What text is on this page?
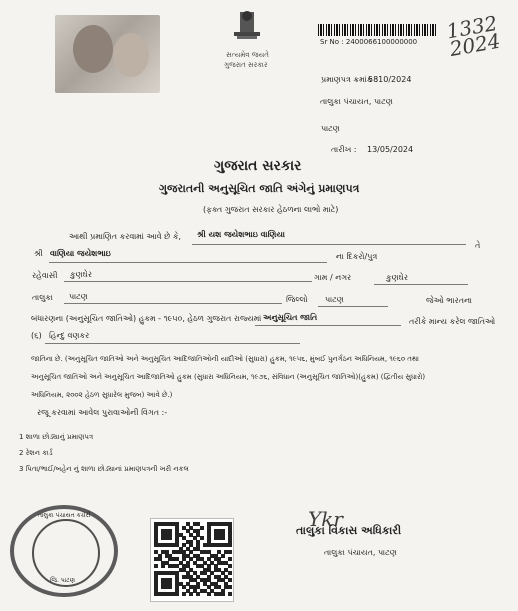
સત્યમેવ જયતે
ગુજરાત સરકાર
Sr No : 2400066100000000 1332
2024
પ્રમાણપત્ર ક્રમાંક :
5810/2024
તાલુકા પંચાયત, પાટણ
પાટણ
તારીખ : 13/05/2024
ગુજરાત સરકાર
ગુજરાતની અનુસૂચિત જાતિ અંગેનું પ્રમાણપત્ર
(ફક્ત ગુજરાત સરકાર હેઠળના લાભો માટે)
આથી પ્રમાણિત કરવામાં આવે છે કે, શ્રી યશ જયેશભાઇ વાણિયા
તે
શ્રી વાણિયા જયેશભાઇ	ના દિકરો/પુત્ર
રહેવાસી કુણઘેર	ગામ / નગર	કુણઘેર
તાલુકા પાટણ	જિલ્લો પાટણ	જેઓ ભારતના
બંધારણના (અનુસૂચિત જાતિઓ) હુકમ - ૧૯૫૦, હેઠળ ગુજરાત રાજ્યમાં અનુસૂચિત જાતિ	તરીકે માન્ય કરેલ જાતિઓ
(૬) હિન્દુ વણકર
જાતિના છે. (અનુસૂચિત જાતિઓ અને અનુસૂચિત આદિજાતિઓની યાદીઓ (સુધારા) હુકમ, ૧૯૫૬, મુંબઈ પુનર્ગઠન અધિનિયમ, ૧૯૬૦ તથા
અનુસૂચિત જાતિઓ અને અનુસૂચિત આદિજાતિઓ હુકમ (સુધારા અધિનિયમ, ૧૯૭૬, સંવિધાન (અનુસૂચિત જાતિઓ)(હુકમ) (દ્વિતીય સુધારો)
અધિનિયમ, ૨૦૦૨ હેઠળ સુધારેલ મુજબ) આવે છે.)
રજૂ કરવામાં આવેલ પુરાવાઓની વિગત :-
1 શાળા છોડ્યાનું પ્રમાણપત્ર
2 રેશન કાર્ડ
3 પિતા/ભાઈ/બહેન નું શાળા છોડ્યાનાં પ્રમાણપત્રની ખરી નકલ
તાલુકા પંચાયત કચેરી
જિ. પાટણ
Ykr
તાલુકા વિકાસ અધિકારી
તાલુકા પંચાયત, પાટણ
